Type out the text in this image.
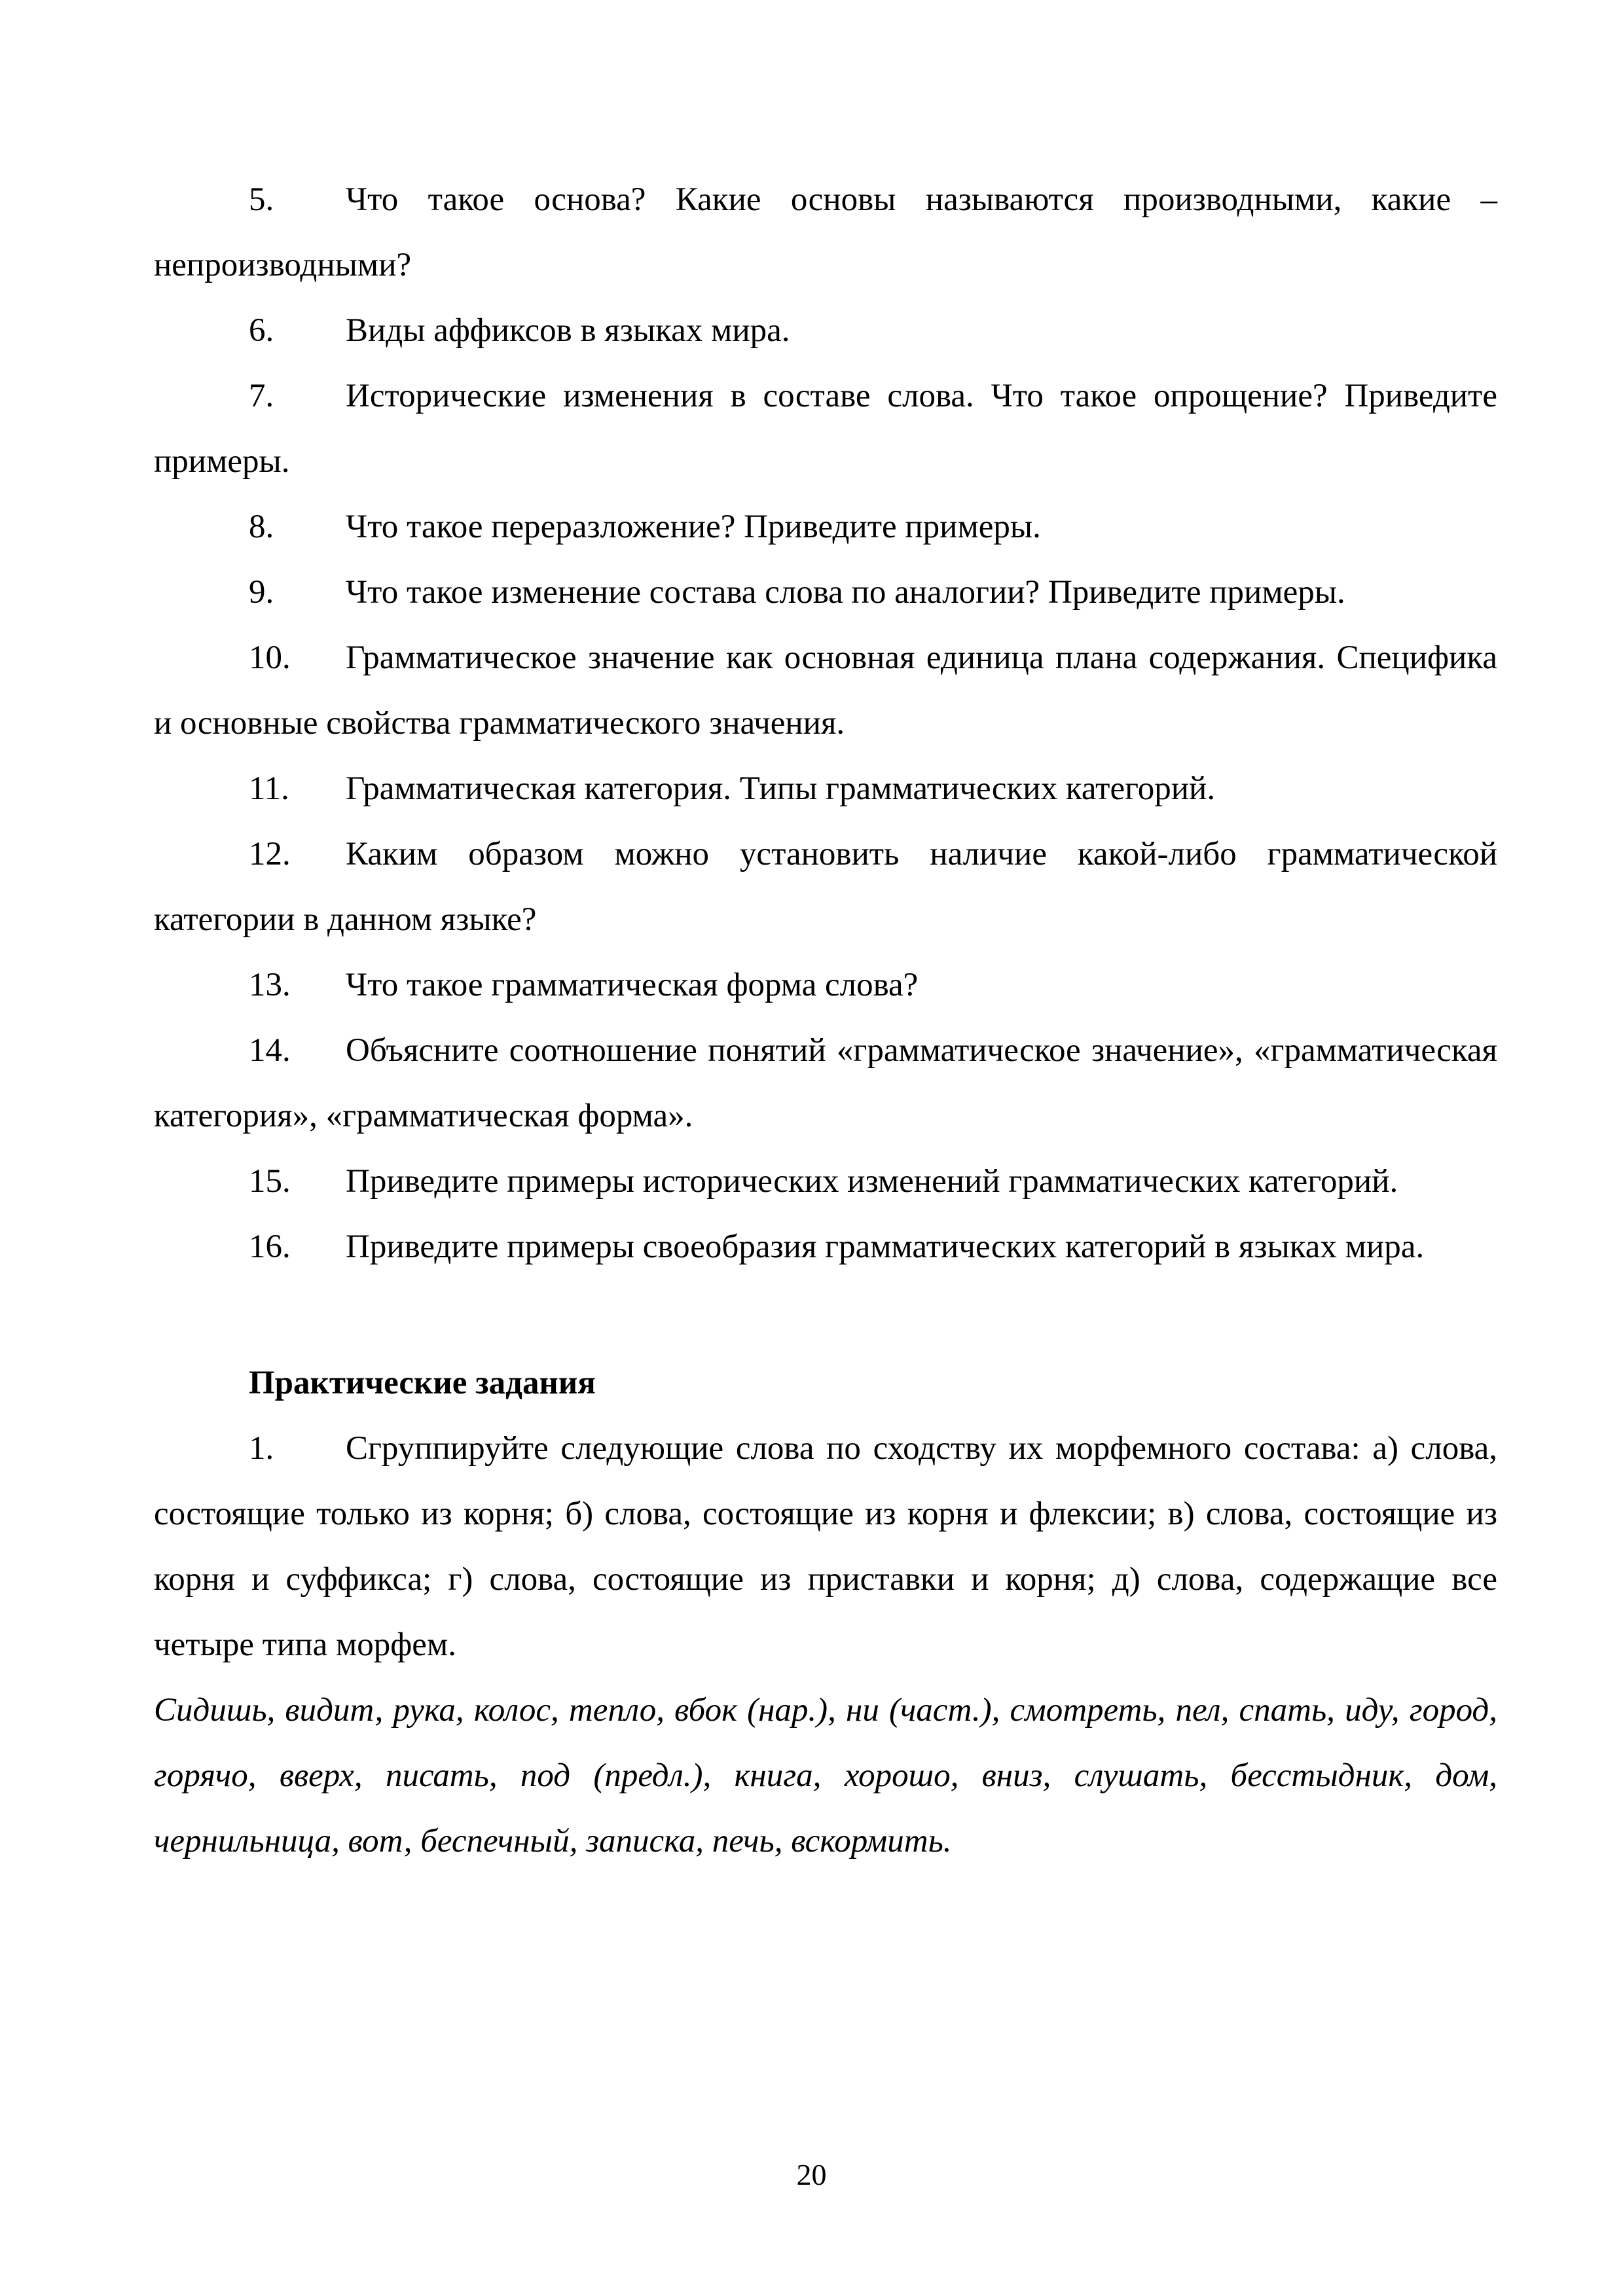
5. Что такое основа? Какие основы называются производными, какие – непроизводными?

6. Виды аффиксов в языках мира.

7. Исторические изменения в составе слова. Что такое опрощение? Приведите примеры.

8. Что такое переразложение? Приведите примеры.

9. Что такое изменение состава слова по аналогии? Приведите примеры.

10. Грамматическое значение как основная единица плана содержания. Специфика и основные свойства грамматического значения.

11. Грамматическая категория. Типы грамматических категорий.

12. Каким образом можно установить наличие какой-либо грамматической категории в данном языке?

13. Что такое грамматическая форма слова?

14. Объясните соотношение понятий «грамматическое значение», «грамматическая категория», «грамматическая форма».

15. Приведите примеры исторических изменений грамматических категорий.

16. Приведите примеры своеобразия грамматических категорий в языках мира.

Практические задания

1. Сгруппируйте следующие слова по сходству их морфемного состава: а) слова, состоящие только из корня; б) слова, состоящие из корня и флексии; в) слова, состоящие из корня и суффикса; г) слова, состоящие из приставки и корня; д) слова, содержащие все четыре типа морфем.

Сидишь, видит, рука, колос, тепло, вбок (нар.), ни (част.), смотреть, пел, спать, иду, город, горячо, вверх, писать, под (предл.), книга, хорошо, вниз, слушать, бесстыдник, дом, чернильница, вот, беспечный, записка, печь, вскормить.

20
